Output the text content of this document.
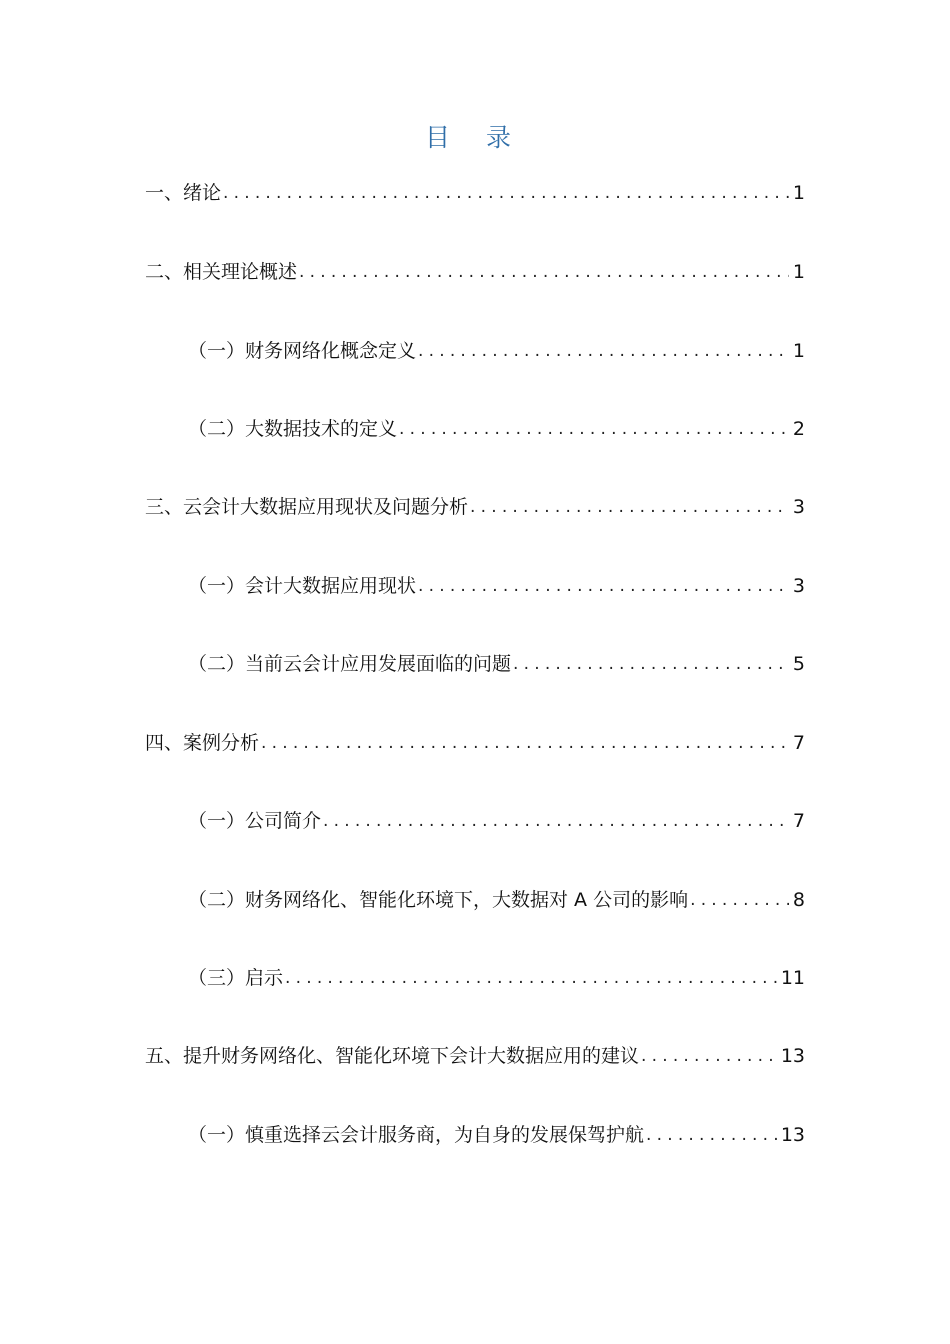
目 录
一、绪论 .....	1
二、相关理论概述 .....	1
（一）财务网络化概念定义 .....	1
（二）大数据技术的定义 .....	2
三、云会计大数据应用现状及问题分析 .....	3
（一）会计大数据应用现状 .....	3
（二）当前云会计应用发展面临的问题 .....	5
四、案例分析 .....	7
（一）公司简介 .....	7
（二）财务网络化、智能化环境下，大数据对 A 公司的影响 .....	8
（三）启示 .....	11
五、提升财务网络化、智能化环境下会计大数据应用的建议 .....	13
（一）慎重选择云会计服务商，为自身的发展保驾护航 .....	13
